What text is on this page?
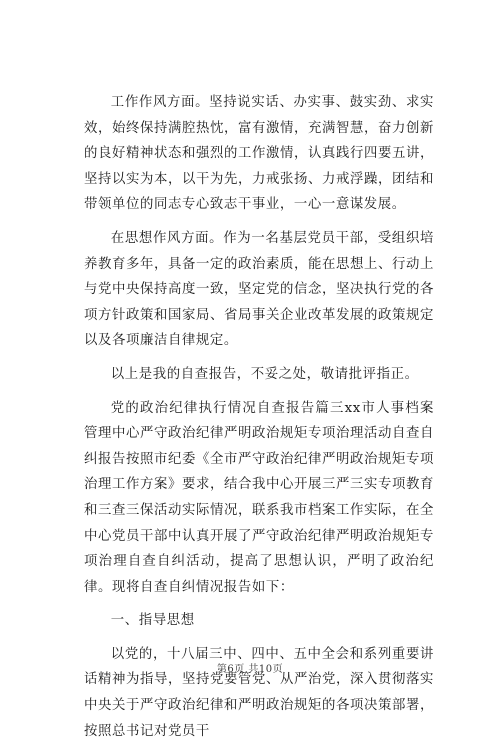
工作作风方面。坚持说实话、办实事、鼓实劲、求实效，始终保持满腔热忱，富有激情，充满智慧，奋力创新的良好精神状态和强烈的工作激情，认真践行四要五讲，坚持以实为本，以干为先，力戒张扬、力戒浮躁，团结和带领单位的同志专心致志干事业，一心一意谋发展。

在思想作风方面。作为一名基层党员干部，受组织培养教育多年，具备一定的政治素质，能在思想上、行动上与党中央保持高度一致，坚定党的信念，坚决执行党的各项方针政策和国家局、省局事关企业改革发展的政策规定以及各项廉洁自律规定。

以上是我的自查报告，不妥之处，敬请批评指正。

党的政治纪律执行情况自查报告篇三xx市人事档案管理中心严守政治纪律严明政治规矩专项治理活动自查自纠报告按照市纪委《全市严守政治纪律严明政治规矩专项治理工作方案》要求，结合我中心开展三严三实专项教育和三查三保活动实际情况，联系我市档案工作实际，在全中心党员干部中认真开展了严守政治纪律严明政治规矩专项治理自查自纠活动，提高了思想认识，严明了政治纪律。现将自查自纠情况报告如下：

一、指导思想

以党的，十八届三中、四中、五中全会和系列重要讲话精神为指导，坚持党要管党、从严治党，深入贯彻落实中央关于严守政治纪律和严明政治规矩的各项决策部署，按照总书记对党员干

第6页 共10页
